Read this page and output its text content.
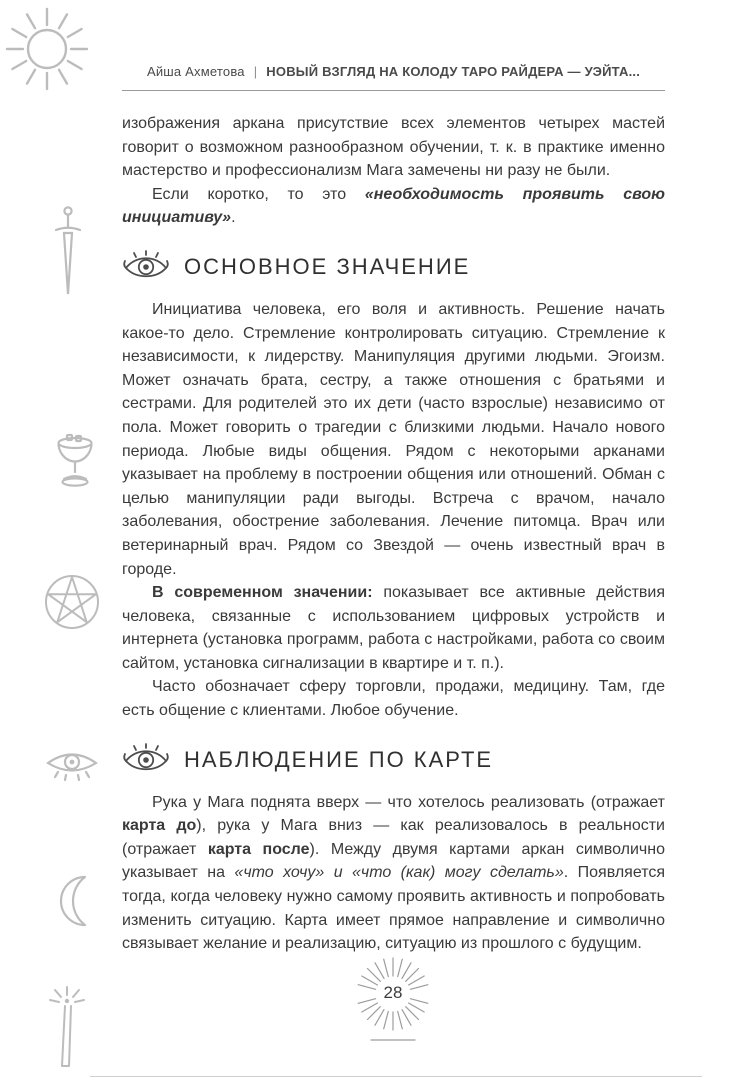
Айша Ахметова | НОВЫЙ ВЗГЛЯД НА КОЛОДУ ТАРО РАЙДЕРА — УЭЙТА...

изображения аркана присутствие всех элементов четырех мастей говорит о возможном разнообразном обучении, т. к. в практике именно мастерство и профессионализм Мага замечены ни разу не были.

Если коротко, то это «необходимость проявить свою инициативу».

ОСНОВНОЕ ЗНАЧЕНИЕ

Инициатива человека, его воля и активность. Решение начать какое-то дело. Стремление контролировать ситуацию. Стремление к независимости, к лидерству. Манипуляция другими людьми. Эгоизм. Может означать брата, сестру, а также отношения с братьями и сестрами. Для родителей это их дети (часто взрослые) независимо от пола. Может говорить о трагедии с близкими людьми. Начало нового периода. Любые виды общения. Рядом с некоторыми арканами указывает на проблему в построении общения или отношений. Обман с целью манипуляции ради выгоды. Встреча с врачом, начало заболевания, обострение заболевания. Лечение питомца. Врач или ветеринарный врач. Рядом со Звездой — очень известный врач в городе.

В современном значении: показывает все активные действия человека, связанные с использованием цифровых устройств и интернета (установка программ, работа с настройками, работа со своим сайтом, установка сигнализации в квартире и т. п.).

Часто обозначает сферу торговли, продажи, медицину. Там, где есть общение с клиентами. Любое обучение.

НАБЛЮДЕНИЕ ПО КАРТЕ

Рука у Мага поднята вверх — что хотелось реализовать (отражает карта до), рука у Мага вниз — как реализовалось в реальности (отражает карта после). Между двумя картами аркан символично указывает на «что хочу» и «что (как) могу сделать». Появляется тогда, когда человеку нужно самому проявить активность и попробовать изменить ситуацию. Карта имеет прямое направление и символично связывает желание и реализацию, ситуацию из прошлого с будущим.

28
